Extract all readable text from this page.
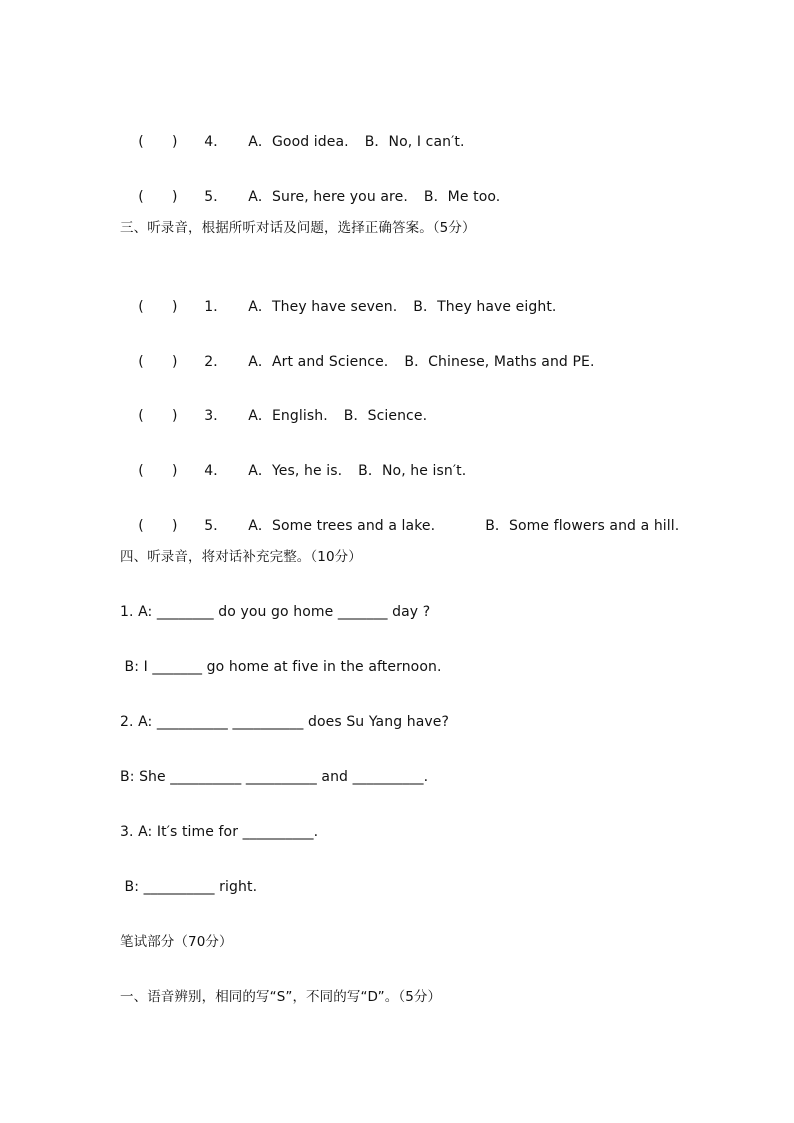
(　　) 4． A．Good idea. B．No, I can′t.

(　　) 5． A．Sure, here you are. B．Me too.

三、听录音，根据所听对话及问题，选择正确答案。（5分）

(　　) 1． A．They have seven. B．They have eight.

(　　) 2． A．Art and Science. B．Chinese, Maths and PE.

(　　) 3． A．English. B．Science.

(　　) 4． A．Yes, he is. B．No, he isn′t.

(　　) 5． A．Some trees and a lake.	B．Some flowers and a hill.

四、听录音，将对话补充完整。（10分）
1. A: ________ do you go home _______ day ?
B: I _______ go home at five in the afternoon.
2. A: __________ __________ does Su Yang have?
B: She __________ __________ and __________.
3. A: It′s time for __________.
B: __________ right.
笔试部分（70分）
一、语音辨别，相同的写“S”，不同的写“D”。（5分）
